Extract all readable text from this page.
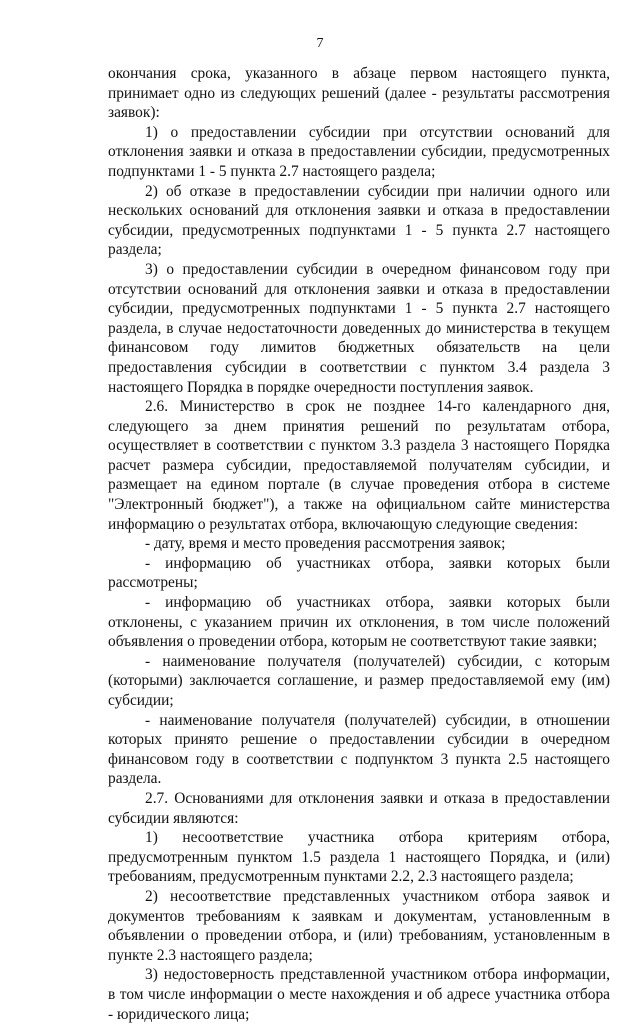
7

окончания срока, указанного в абзаце первом настоящего пункта, принимает одно из следующих решений (далее - результаты рассмотрения заявок):

1) о предоставлении субсидии при отсутствии оснований для отклонения заявки и отказа в предоставлении субсидии, предусмотренных подпунктами 1 - 5 пункта 2.7 настоящего раздела;

2) об отказе в предоставлении субсидии при наличии одного или нескольких оснований для отклонения заявки и отказа в предоставлении субсидии, предусмотренных подпунктами 1 - 5 пункта 2.7 настоящего раздела;

3) о предоставлении субсидии в очередном финансовом году при отсутствии оснований для отклонения заявки и отказа в предоставлении субсидии, предусмотренных подпунктами 1 - 5 пункта 2.7 настоящего раздела, в случае недостаточности доведенных до министерства в текущем финансовом году лимитов бюджетных обязательств на цели предоставления субсидии в соответствии с пунктом 3.4 раздела 3 настоящего Порядка в порядке очередности поступления заявок.

2.6. Министерство в срок не позднее 14-го календарного дня, следующего за днем принятия решений по результатам отбора, осуществляет в соответствии с пунктом 3.3 раздела 3 настоящего Порядка расчет размера субсидии, предоставляемой получателям субсидии, и размещает на едином портале (в случае проведения отбора в системе "Электронный бюджет"), а также на официальном сайте министерства информацию о результатах отбора, включающую следующие сведения:

- дату, время и место проведения рассмотрения заявок;

- информацию об участниках отбора, заявки которых были рассмотрены;

- информацию об участниках отбора, заявки которых были отклонены, с указанием причин их отклонения, в том числе положений объявления о проведении отбора, которым не соответствуют такие заявки;

- наименование получателя (получателей) субсидии, с которым (которыми) заключается соглашение, и размер предоставляемой ему (им) субсидии;

- наименование получателя (получателей) субсидии, в отношении которых принято решение о предоставлении субсидии в очередном финансовом году в соответствии с подпунктом 3 пункта 2.5 настоящего раздела.

2.7. Основаниями для отклонения заявки и отказа в предоставлении субсидии являются:

1) несоответствие участника отбора критериям отбора, предусмотренным пунктом 1.5 раздела 1 настоящего Порядка, и (или) требованиям, предусмотренным пунктами 2.2, 2.3 настоящего раздела;

2) несоответствие представленных участником отбора заявок и документов требованиям к заявкам и документам, установленным в объявлении о проведении отбора, и (или) требованиям, установленным в пункте 2.3 настоящего раздела;

3) недостоверность представленной участником отбора информации, в том числе информации о месте нахождения и об адресе участника отбора - юридического лица;
